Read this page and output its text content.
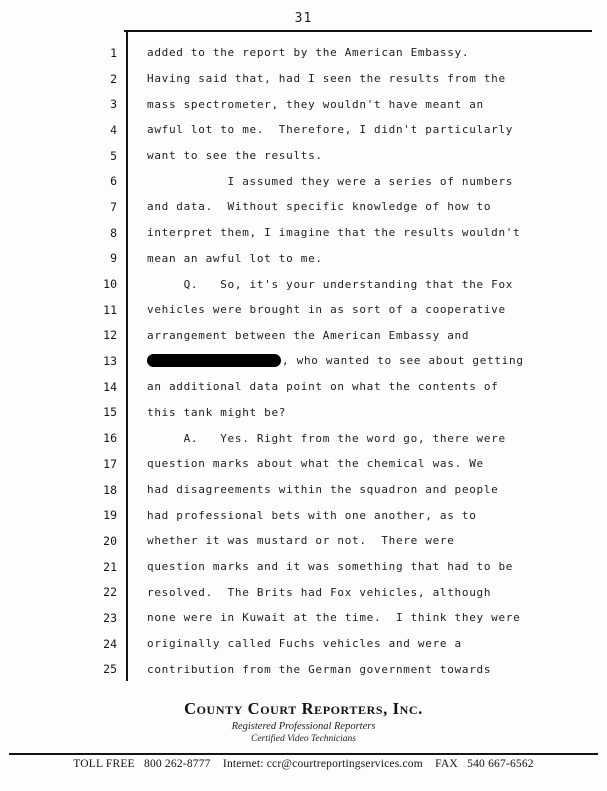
31
1	added to the report by the American Embassy.
2	Having said that, had I seen the results from the
3	mass spectrometer, they wouldn't have meant an
4	awful lot to me.  Therefore, I didn't particularly
5	want to see the results.
6	I assumed they were a series of numbers
7	and data.  Without specific knowledge of how to
8	interpret them, I imagine that the results wouldn't
9	mean an awful lot to me.
10	Q.   So, it's your understanding that the Fox
11	vehicles were brought in as sort of a cooperative
12	arrangement between the American Embassy and
13	, who wanted to see about getting
14	an additional data point on what the contents of
15	this tank might be?
16	A.   Yes. Right from the word go, there were
17	question marks about what the chemical was. We
18	had disagreements within the squadron and people
19	had professional bets with one another, as to
20	whether it was mustard or not.  There were
21	question marks and it was something that had to be
22	resolved.  The Brits had Fox vehicles, although
23	none were in Kuwait at the time.  I think they were
24	originally called Fuchs vehicles and were a
25	contribution from the German government towards
County Court Reporters, Inc.
Registered Professional Reporters
Certified Video Technicians
TOLL FREE   800 262-8777    Internet: ccr@courtreportingservices.com    FAX   540 667-6562
